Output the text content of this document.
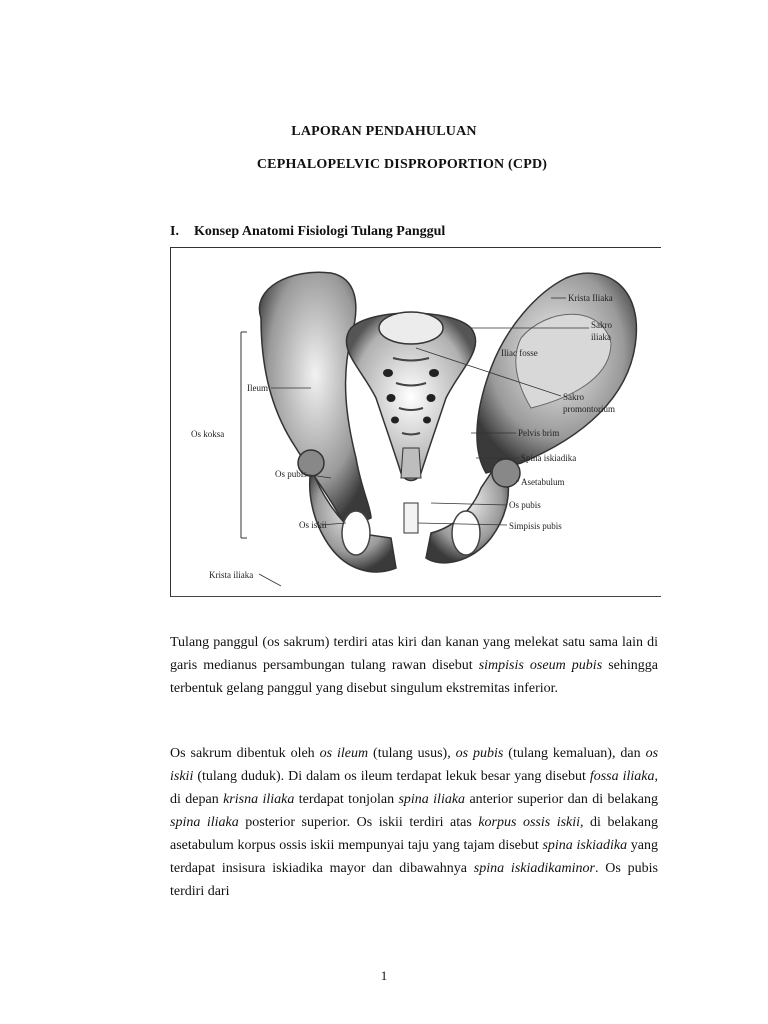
LAPORAN PENDAHULUAN
CEPHALOPELVIC DISPROPORTION (CPD)
I. Konsep Anatomi Fisiologi Tulang Panggul
Krista Iliaka
Sakro
iliaka
Iliac fosse
Sakro
promontorium
Pelvis brim
Spina iskiadika
Asetabulum
Os pubis
Simpisis pubis
Ileum
Os koksa
Os pubis
Os iskii
Krista iliaka

Tulang panggul (os sakrum) terdiri atas kiri dan kanan yang melekat satu sama lain di garis medianus persambungan tulang rawan disebut simpisis oseum pubis sehingga terbentuk gelang panggul yang disebut singulum ekstremitas inferior.

Os sakrum dibentuk oleh os ileum (tulang usus), os pubis (tulang kemaluan), dan os iskii (tulang duduk). Di dalam os ileum terdapat lekuk besar yang disebut fossa iliaka, di depan krisna iliaka terdapat tonjolan spina iliaka anterior superior dan di belakang spina iliaka posterior superior. Os iskii terdiri atas korpus ossis iskii, di belakang asetabulum korpus ossis iskii mempunyai taju yang tajam disebut spina iskiadika yang terdapat insisura iskiadika mayor dan dibawahnya spina iskiadikaminor. Os pubis terdiri dari

1
